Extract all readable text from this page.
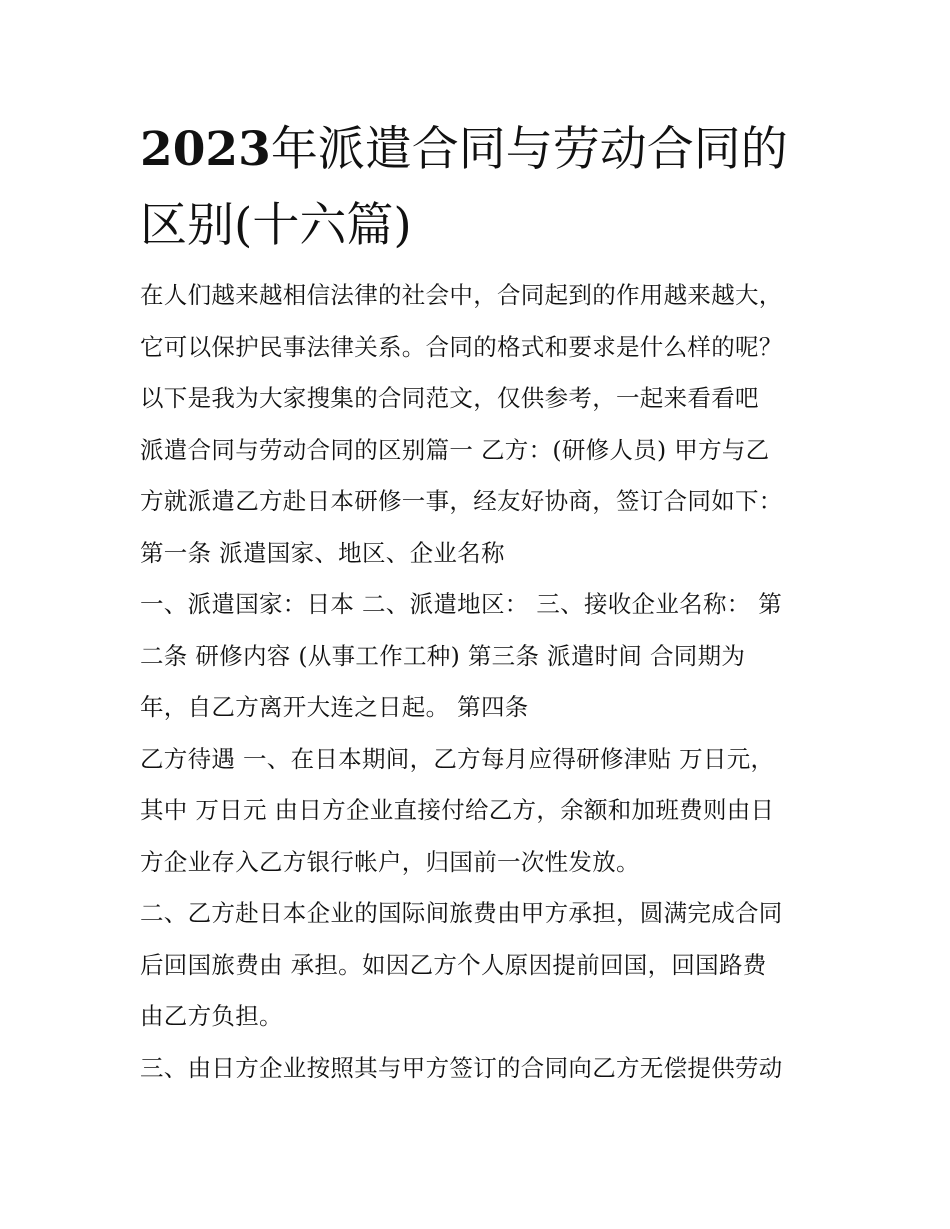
2023年派遣合同与劳动合同的
区别(十六篇)
在人们越来越相信法律的社会中，合同起到的作用越来越大，
它可以保护民事法律关系。合同的格式和要求是什么样的呢？
以下是我为大家搜集的合同范文，仅供参考，一起来看看吧
派遣合同与劳动合同的区别篇一 乙方：(研修人员) 甲方与乙
方就派遣乙方赴日本研修一事，经友好协商，签订合同如下：
第一条 派遣国家、地区、企业名称
一、派遣国家：日本 二、派遣地区： 三、接收企业名称： 第
二条 研修内容 (从事工作工种) 第三条 派遣时间 合同期为
年，自乙方离开大连之日起。 第四条
乙方待遇 一、在日本期间，乙方每月应得研修津贴 万日元，
其中 万日元 由日方企业直接付给乙方，余额和加班费则由日
方企业存入乙方银行帐户，归国前一次性发放。
二、乙方赴日本企业的国际间旅费由甲方承担，圆满完成合同
后回国旅费由 承担。如因乙方个人原因提前回国，回国路费
由乙方负担。
三、由日方企业按照其与甲方签订的合同向乙方无偿提供劳动
